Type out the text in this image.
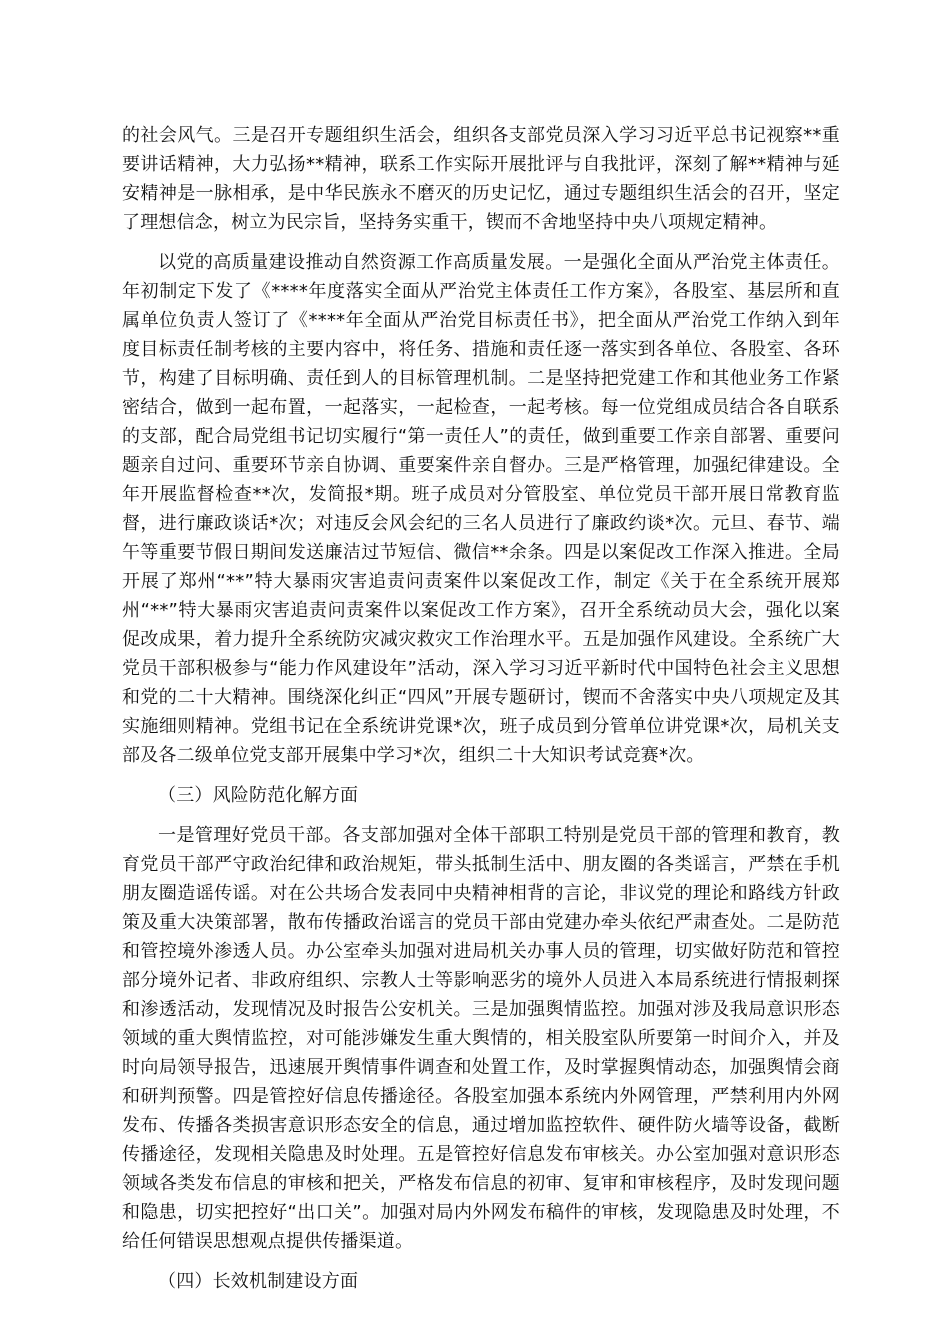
的社会风气。三是召开专题组织生活会，组织各支部党员深入学习习近平总书记视察**重要讲话精神，大力弘扬**精神，联系工作实际开展批评与自我批评，深刻了解**精神与延安精神是一脉相承，是中华民族永不磨灭的历史记忆，通过专题组织生活会的召开，坚定了理想信念，树立为民宗旨，坚持务实重干，锲而不舍地坚持中央八项规定精神。

以党的高质量建设推动自然资源工作高质量发展。一是强化全面从严治党主体责任。年初制定下发了《****年度落实全面从严治党主体责任工作方案》，各股室、基层所和直属单位负责人签订了《****年全面从严治党目标责任书》，把全面从严治党工作纳入到年度目标责任制考核的主要内容中，将任务、措施和责任逐一落实到各单位、各股室、各环节，构建了目标明确、责任到人的目标管理机制。二是坚持把党建工作和其他业务工作紧密结合，做到一起布置，一起落实，一起检查，一起考核。每一位党组成员结合各自联系的支部，配合局党组书记切实履行“第一责任人”的责任，做到重要工作亲自部署、重要问题亲自过问、重要环节亲自协调、重要案件亲自督办。三是严格管理，加强纪律建设。全年开展监督检查**次，发简报*期。班子成员对分管股室、单位党员干部开展日常教育监督，进行廉政谈话*次；对违反会风会纪的三名人员进行了廉政约谈*次。元旦、春节、端午等重要节假日期间发送廉洁过节短信、微信**余条。四是以案促改工作深入推进。全局开展了郑州“**”特大暴雨灾害追责问责案件以案促改工作，制定《关于在全系统开展郑州“**”特大暴雨灾害追责问责案件以案促改工作方案》，召开全系统动员大会，强化以案促改成果，着力提升全系统防灾减灾救灾工作治理水平。五是加强作风建设。全系统广大党员干部积极参与“能力作风建设年”活动，深入学习习近平新时代中国特色社会主义思想和党的二十大精神。围绕深化纠正“四风”开展专题研讨，锲而不舍落实中央八项规定及其实施细则精神。党组书记在全系统讲党课*次，班子成员到分管单位讲党课*次，局机关支部及各二级单位党支部开展集中学习*次，组织二十大知识考试竞赛*次。

（三）风险防范化解方面

一是管理好党员干部。各支部加强对全体干部职工特别是党员干部的管理和教育，教育党员干部严守政治纪律和政治规矩，带头抵制生活中、朋友圈的各类谣言，严禁在手机朋友圈造谣传谣。对在公共场合发表同中央精神相背的言论，非议党的理论和路线方针政策及重大决策部署，散布传播政治谣言的党员干部由党建办牵头依纪严肃查处。二是防范和管控境外渗透人员。办公室牵头加强对进局机关办事人员的管理，切实做好防范和管控部分境外记者、非政府组织、宗教人士等影响恶劣的境外人员进入本局系统进行情报刺探和渗透活动，发现情况及时报告公安机关。三是加强舆情监控。加强对涉及我局意识形态领域的重大舆情监控，对可能涉嫌发生重大舆情的，相关股室队所要第一时间介入，并及时向局领导报告，迅速展开舆情事件调查和处置工作，及时掌握舆情动态，加强舆情会商和研判预警。四是管控好信息传播途径。各股室加强本系统内外网管理，严禁利用内外网发布、传播各类损害意识形态安全的信息，通过增加监控软件、硬件防火墙等设备，截断传播途径，发现相关隐患及时处理。五是管控好信息发布审核关。办公室加强对意识形态领域各类发布信息的审核和把关，严格发布信息的初审、复审和审核程序，及时发现问题和隐患，切实把控好“出口关”。加强对局内外网发布稿件的审核，发现隐患及时处理，不给任何错误思想观点提供传播渠道。

（四）长效机制建设方面
